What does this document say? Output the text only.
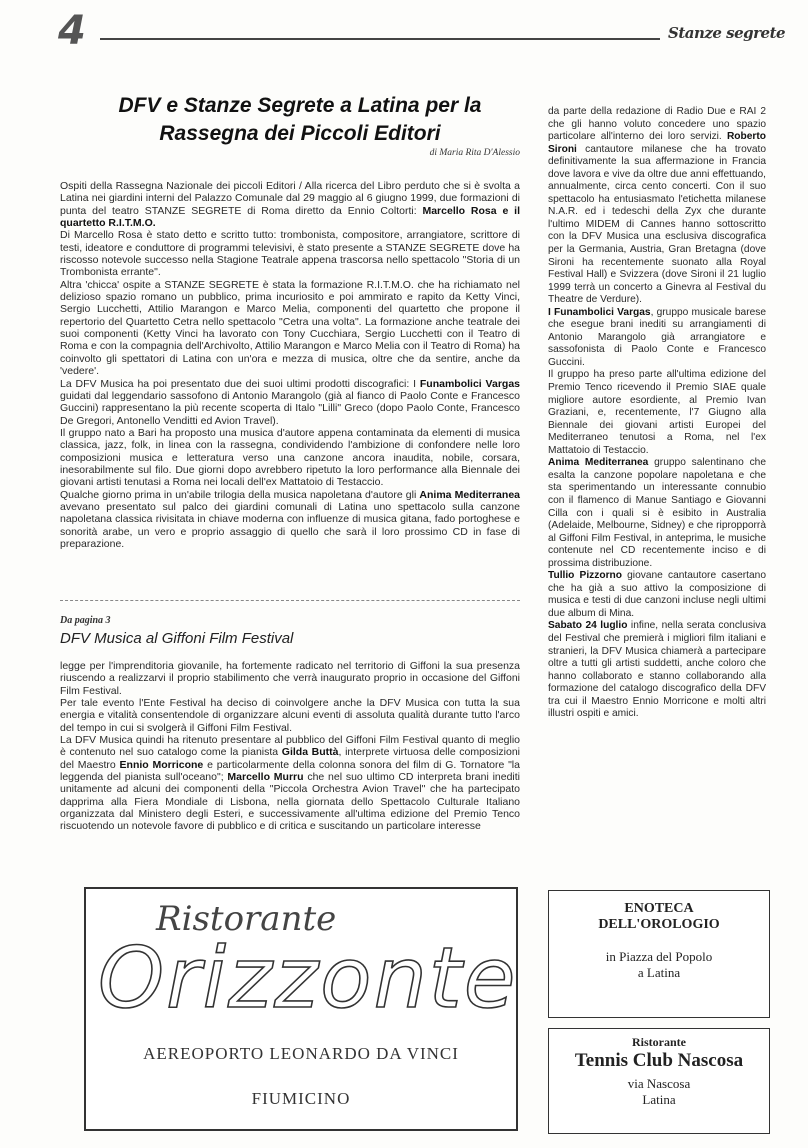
4	Stanze segrete
DFV e Stanze Segrete a Latina per la
Rassegna dei Piccoli Editori
di Maria Rita D'Alessio

Ospiti della Rassegna Nazionale dei piccoli Editori / Alla ricerca del Libro perduto che si è svolta a Latina nei giardini interni del Palazzo Comunale dal 29 maggio al 6 giugno 1999, due formazioni di punta del teatro STANZE SEGRETE di Roma diretto da Ennio Coltorti: Marcello Rosa e il quartetto R.I.T.M.O.

Di Marcello Rosa è stato detto e scritto tutto: trombonista, compositore, arrangiatore, scrittore di testi, ideatore e conduttore di programmi televisivi, è stato presente a STANZE SEGRETE dove ha riscosso notevole successo nella Stagione Teatrale appena trascorsa nello spettacolo "Storia di un Trombonista errante".

Altra 'chicca' ospite a STANZE SEGRETE è stata la formazione R.I.T.M.O. che ha richiamato nel delizioso spazio romano un pubblico, prima incuriosito e poi ammirato e rapito da Ketty Vinci, Sergio Lucchetti, Attilio Marangon e Marco Melia, componenti del quartetto che propone il repertorio del Quartetto Cetra nello spettacolo "Cetra una volta". La formazione anche teatrale dei suoi componenti (Ketty Vinci ha lavorato con Tony Cucchiara, Sergio Lucchetti con il Teatro di Roma e con la compagnia dell'Archivolto, Attilio Marangon e Marco Melia con il Teatro di Roma) ha coinvolto gli spettatori di Latina con un'ora e mezza di musica, oltre che da sentire, anche da 'vedere'.

La DFV Musica ha poi presentato due dei suoi ultimi prodotti discografici: I Funambolici Vargas guidati dal leggendario sassofono di Antonio Marangolo (già al fianco di Paolo Conte e Francesco Guccini) rappresentano la più recente scoperta di Italo "Lilli" Greco (dopo Paolo Conte, Francesco De Gregori, Antonello Venditti ed Avion Travel).

Il gruppo nato a Bari ha proposto una musica d'autore appena contaminata da elementi di musica classica, jazz, folk, in linea con la rassegna, condividendo l'ambizione di confondere nelle loro composizioni musica e letteratura verso una canzone ancora inaudita, nobile, corsara, inesorabilmente sul filo. Due giorni dopo avrebbero ripetuto la loro performance alla Biennale dei giovani artisti tenutasi a Roma nei locali dell'ex Mattatoio di Testaccio.

Qualche giorno prima in un'abile trilogia della musica napoletana d'autore gli Anima Mediterranea avevano presentato sul palco dei giardini comunali di Latina uno spettacolo sulla canzone napoletana classica rivisitata in chiave moderna con influenze di musica gitana, fado portoghese e sonorità arabe, un vero e proprio assaggio di quello che sarà il loro prossimo CD in fase di preparazione.

Da pagina 3
DFV Musica al Giffoni Film Festival

legge per l'imprenditoria giovanile, ha fortemente radicato nel territorio di Giffoni la sua presenza riuscendo a realizzarvi il proprio stabilimento che verrà inaugurato proprio in occasione del Giffoni Film Festival.

Per tale evento l'Ente Festival ha deciso di coinvolgere anche la DFV Musica con tutta la sua energia e vitalità consentendole di organizzare alcuni eventi di assoluta qualità durante tutto l'arco del tempo in cui si svolgerà il Giffoni Film Festival.

La DFV Musica quindi ha ritenuto presentare al pubblico del Giffoni Film Festival quanto di meglio è contenuto nel suo catalogo come la pianista Gilda Buttà, interprete virtuosa delle composizioni del Maestro Ennio Morricone e particolarmente della colonna sonora del film di G. Tornatore "la leggenda del pianista sull'oceano"; Marcello Murru che nel suo ultimo CD interpreta brani inediti unitamente ad alcuni dei componenti della "Piccola Orchestra Avion Travel" che ha partecipato dapprima alla Fiera Mondiale di Lisbona, nella giornata dello Spettacolo Culturale Italiano organizzata dal Ministero degli Esteri, e successivamente all'ultima edizione del Premio Tenco riscuotendo un notevole favore di pubblico e di critica e suscitando un particolare interesse

da parte della redazione di Radio Due e RAI 2 che gli hanno voluto concedere uno spazio particolare all'interno dei loro servizi. Roberto Sironi cantautore milanese che ha trovato definitivamente la sua affermazione in Francia dove lavora e vive da oltre due anni effettuando, annualmente, circa cento concerti. Con il suo spettacolo ha entusiasmato l'etichetta milanese N.A.R. ed i tedeschi della Zyx che durante l'ultimo MIDEM di Cannes hanno sottoscritto con la DFV Musica una esclusiva discografica per la Germania, Austria, Gran Bretagna (dove Sironi ha recentemente suonato alla Royal Festival Hall) e Svizzera (dove Sironi il 21 luglio 1999 terrà un concerto a Ginevra al Festival du Theatre de Verdure).

I Funambolici Vargas, gruppo musicale barese che esegue brani inediti su arrangiamenti di Antonio Marangolo già arrangiatore e sassofonista di Paolo Conte e Francesco Guccini.

Il gruppo ha preso parte all'ultima edizione del Premio Tenco ricevendo il Premio SIAE quale migliore autore esordiente, al Premio Ivan Graziani, e, recentemente, l'7 Giugno alla Biennale dei giovani artisti Europei del Mediterraneo tenutosi a Roma, nel l'ex Mattatoio di Testaccio.

Anima Mediterranea gruppo salentinano che esalta la canzone popolare napoletana e che sta sperimentando un interessante connubio con il flamenco di Manue Santiago e Giovanni Cilla con i quali si è esibito in Australia (Adelaide, Melbourne, Sidney) e che ripropporrà al Giffoni Film Festival, in anteprima, le musiche contenute nel CD recentemente inciso e di prossima distribuzione.

Tullio Pizzorno giovane cantautore casertano che ha già a suo attivo la composizione di musica e testi di due canzoni incluse negli ultimi due album di Mina.

Sabato 24 luglio infine, nella serata conclusiva del Festival che premierà i migliori film italiani e stranieri, la DFV Musica chiamerà a partecipare oltre a tutti gli artisti suddetti, anche coloro che hanno collaborato e stanno collaborando alla formazione del catalogo discografico della DFV tra cui il Maestro Ennio Morricone e molti altri illustri ospiti e amici.

Ristorante
Orizzonte
AEREOPORTO LEONARDO DA VINCI
FIUMICINO
ENOTECA
DELL'OROLOGIO
in Piazza del Popolo
a Latina
Ristorante
Tennis Club Nascosa
via Nascosa
Latina
